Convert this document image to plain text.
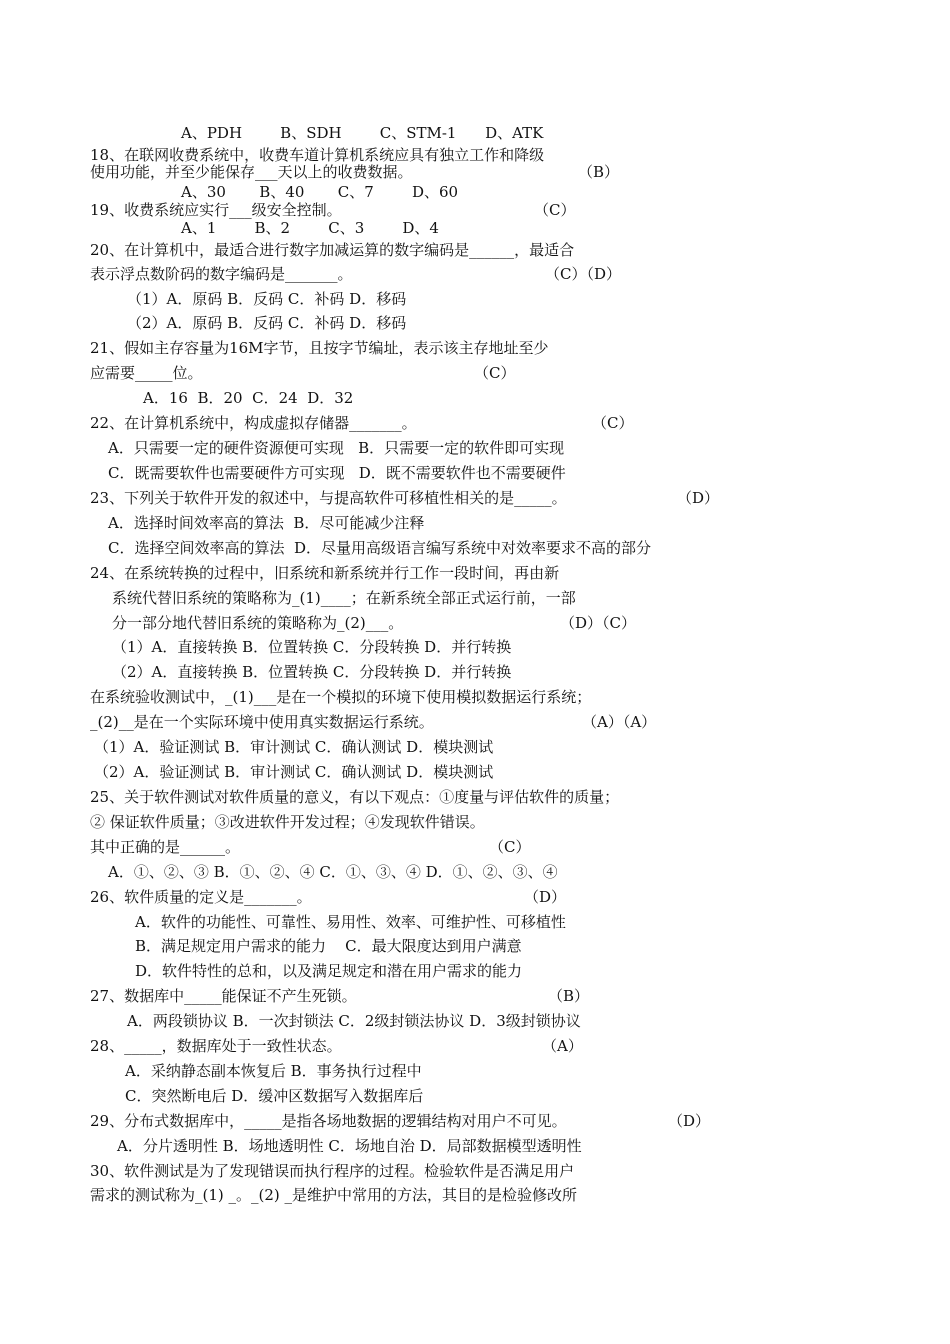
A、PDH        B、SDH        C、STM-1      D、ATK
18、在联网收费系统中，收费车道计算机系统应具有独立工作和降级
使用功能，并至少能保存___天以上的收费数据。	（B）
A、30       B、40       C、7        D、60
19、收费系统应实行___级安全控制。	（C）
A、1        B、2        C、3        D、4
20、在计算机中，最适合进行数字加减运算的数字编码是______，最适合
表示浮点数阶码的数字编码是_______。	（C）（D）
（1）A．原码 B．反码 C．补码 D．移码
（2）A．原码 B．反码 C．补码 D．移码
21、假如主存容量为16M字节，且按字节编址，表示该主存地址至少
应需要_____位。	（C）
A．16  B．20  C．24  D．32
22、在计算机系统中，构成虚拟存储器_______。	（C）
A．只需要一定的硬件资源便可实现   B．只需要一定的软件即可实现
C．既需要软件也需要硬件方可实现   D．既不需要软件也不需要硬件
23、下列关于软件开发的叙述中，与提高软件可移植性相关的是_____。	（D）
A．选择时间效率高的算法  B．尽可能减少注释
C．选择空间效率高的算法  D．尽量用高级语言编写系统中对效率要求不高的部分
24、在系统转换的过程中，旧系统和新系统并行工作一段时间，再由新
系统代替旧系统的策略称为_(1)____；在新系统全部正式运行前，一部
分一部分地代替旧系统的策略称为_(2)___。	（D）（C）
（1）A．直接转换 B．位置转换 C．分段转换 D．并行转换
（2）A．直接转换 B．位置转换 C．分段转换 D．并行转换
在系统验收测试中，_(1)___是在一个模拟的环境下使用模拟数据运行系统；
_(2)__是在一个实际环境中使用真实数据运行系统。	（A）（A）
（1）A．验证测试 B．审计测试 C．确认测试 D．模块测试
（2）A．验证测试 B．审计测试 C．确认测试 D．模块测试
25、关于软件测试对软件质量的意义，有以下观点：①度量与评估软件的质量；
② 保证软件质量；③改进软件开发过程；④发现软件错误。
其中正确的是______。	（C）
A．①、②、③ B．①、②、④ C．①、③、④ D．①、②、③、④
26、软件质量的定义是_______。	（D）
A．软件的功能性、可靠性、易用性、效率、可维护性、可移植性
B．满足规定用户需求的能力    C．最大限度达到用户满意
D．软件特性的总和，以及满足规定和潜在用户需求的能力
27、数据库中_____能保证不产生死锁。	（B）
A．两段锁协议 B．一次封锁法 C．2级封锁法协议 D．3级封锁协议
28、_____，数据库处于一致性状态。	（A）
A．采纳静态副本恢复后 B．事务执行过程中
C．突然断电后 D．缓冲区数据写入数据库后
29、分布式数据库中，_____是指各场地数据的逻辑结构对用户不可见。	（D）
A．分片透明性 B．场地透明性 C．场地自治 D．局部数据模型透明性
30、软件测试是为了发现错误而执行程序的过程。检验软件是否满足用户
需求的测试称为_(1) _。_(2) _是维护中常用的方法，其目的是检验修改所
